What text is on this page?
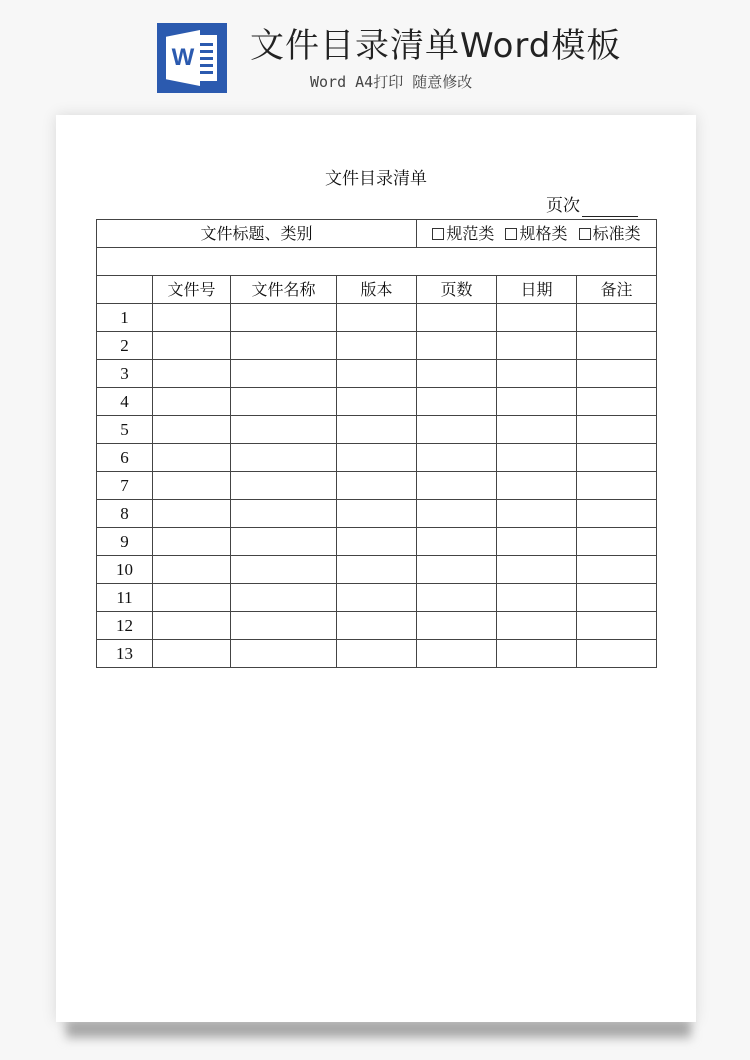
W 文件目录清单Word模板
Word A4打印 随意修改
文件目录清单
页次
文件标题、类别				规范类 规格类 标准类		

	文件号	文件名称	版本	页数	日期	备注
1						
2						
3						
4						
5						
6						
7						
8						
9						
10						
11						
12						
13						
